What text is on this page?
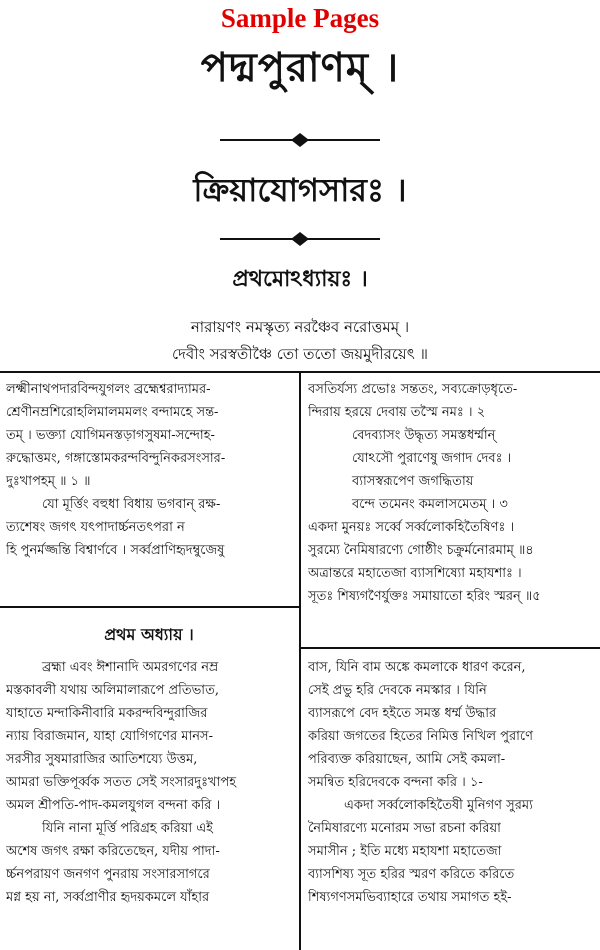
Sample Pages
পদ্মপুরাণম্ ।
ক্রিয়াযোগসারঃ ।
প্রথমোঽধ্যায়ঃ ।
নারায়ণং নমস্কৃত্য নরঞ্চৈব নরোত্তমম্ ।
দেবীং সরস্বতীঞ্চৈ তো ততো জয়মুদীরয়েৎ ॥

লক্ষ্মীনাথপদারবিন্দযুগলং ব্রহ্মেশ্বরাদ্যামর-

শ্রেণীনম্রশিরোহলিমালমমলং বন্দামহে সন্ত-

তম্ । ভক্ত্যা যোগিমনস্তড়াগসুষমা-সন্দোহ-

রুদ্ধোত্তমং, গঙ্গাস্তোমকরন্দবিন্দুনিকরসংসার-

দুঃখাপহম্ ॥ ১ ॥

যো মূর্ত্তিং বহুধা বিধায় ভগবান্ রক্ষ-

ত্যশেষং জগৎ যৎপাদার্চ্চনতৎপরা ন

হি পুনর্মজ্জন্তি বিশ্বার্ণবে । সর্ব্বপ্রাণিহৃদম্বুজেষু

বসতির্যস্য প্রভোঃ সন্ততং, সব্যক্রোড়ধৃতে-

ন্দিরায় হরয়ে দেবায় তস্মৈ নমঃ । ২

বেদব্যাসং উদ্ধৃত্য সমস্তধর্ম্মান্

যোঽসৌ পুরাণেষু জগাদ দেবঃ ।

ব্যাসস্বরূপেণ জগদ্ধিতায়

বন্দে তমেনং কমলাসমেতম্ । ৩

একদা মুনয়ঃ সর্ব্বে সর্ব্বলোকহিতৈষিণঃ ।

সুরম্যে নৈমিষারণ্যে গোষ্ঠীং চক্রুর্মনোরমাম্ ॥৪

অত্রান্তরে মহাতেজা ব্যাসশিষ্যো মহাযশাঃ ।

সূতঃ শিষ্যগণৈর্যুক্তঃ সমায়াতো হরিং স্মরন্ ॥৫

প্রথম অধ্যায় ।

ব্রহ্মা এবং ঈশানাদি অমরগণের নম্র

মস্তকাবলী যথায় অলিমালারূপে প্রতিভাত,

যাহাতে মন্দাকিনীবারি মকরন্দবিন্দুরাজির

ন্যায় বিরাজমান, যাহা যোগিগণের মানস-

সরসীর সুষমারাজির আতিশয্যে উত্তম,

আমরা ভক্তিপূর্ব্বক সতত সেই সংসারদুঃখাপহ

অমল শ্রীপতি-পাদ-কমলযুগল বন্দনা করি ।

যিনি নানা মূর্ত্তি পরিগ্রহ করিয়া এই

অশেষ জগৎ রক্ষা করিতেছেন, যদীয় পাদা-

র্চ্চনপরায়ণ জনগণ পুনরায় সংসারসাগরে

মগ্ন হয় না, সর্ব্বপ্রাণীর হৃদয়কমলে যাঁহার

বাস, যিনি বাম অঙ্কে কমলাকে ধারণ করেন,

সেই প্রভু হরি দেবকে নমস্কার । যিনি

ব্যাসরূপে বেদ হইতে সমস্ত ধর্ম্ম উদ্ধার

করিয়া জগতের হিতের নিমিত্ত নিখিল পুরাণে

পরিব্যক্ত করিয়াছেন, আমি সেই কমলা-

সমন্বিত হরিদেবকে বন্দনা করি । ১-

একদা সর্ব্বলোকহিতৈষী মুনিগণ সুরম্য

নৈমিষারণ্যে মনোরম সভা রচনা করিয়া

সমাসীন ; ইতি মধ্যে মহাযশা মহাতেজা

ব্যাসশিষ্য সূত হরির স্মরণ করিতে করিতে

শিষ্যগণসমভিব্যাহারে তথায় সমাগত হই-
